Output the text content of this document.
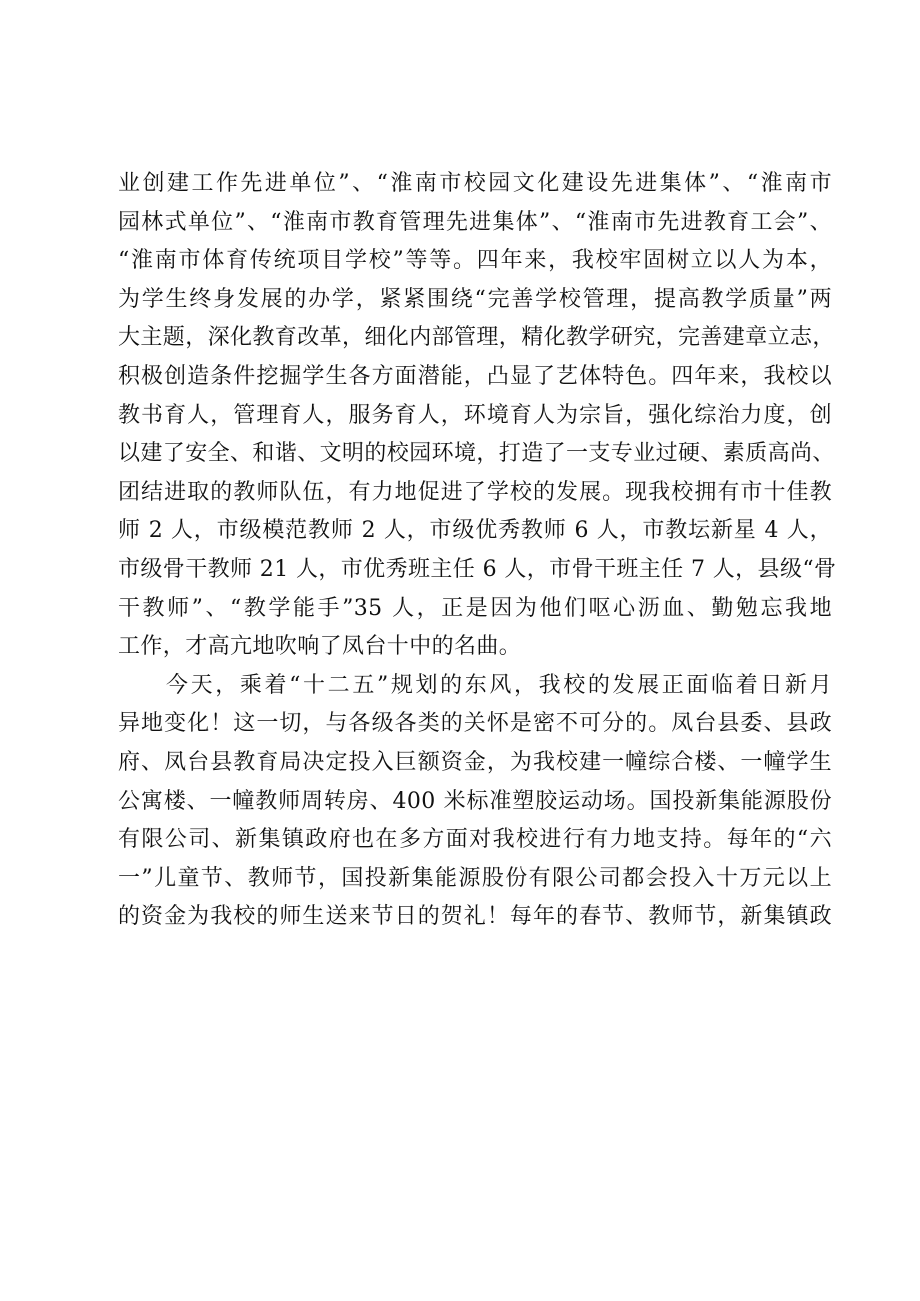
业创建工作先进单位”、“淮南市校园文化建设先进集体”、“淮南市
园林式单位”、“淮南市教育管理先进集体”、“淮南市先进教育工会”、
“淮南市体育传统项目学校”等等。四年来，我校牢固树立以人为本，
为学生终身发展的办学，紧紧围绕“完善学校管理，提高教学质量”两
大主题，深化教育改革，细化内部管理，精化教学研究，完善建章立志，
积极创造条件挖掘学生各方面潜能，凸显了艺体特色。四年来，我校以
教书育人，管理育人，服务育人，环境育人为宗旨，强化综治力度，创
以建了安全、和谐、文明的校园环境，打造了一支专业过硬、素质高尚、
团结进取的教师队伍，有力地促进了学校的发展。现我校拥有市十佳教
师 2 人，市级模范教师 2 人，市级优秀教师 6 人，市教坛新星 4 人，
市级骨干教师 21 人，市优秀班主任 6 人，市骨干班主任 7 人，县级“骨
干教师”、“教学能手”35 人，正是因为他们呕心沥血、勤勉忘我地
工作，才高亢地吹响了凤台十中的名曲。
今天，乘着“十二五”规划的东风，我校的发展正面临着日新月
异地变化！这一切，与各级各类的关怀是密不可分的。凤台县委、县政
府、凤台县教育局决定投入巨额资金，为我校建一幢综合楼、一幢学生
公寓楼、一幢教师周转房、400 米标准塑胶运动场。国投新集能源股份
有限公司、新集镇政府也在多方面对我校进行有力地支持。每年的“六
一”儿童节、教师节，国投新集能源股份有限公司都会投入十万元以上
的资金为我校的师生送来节日的贺礼！每年的春节、教师节，新集镇政
